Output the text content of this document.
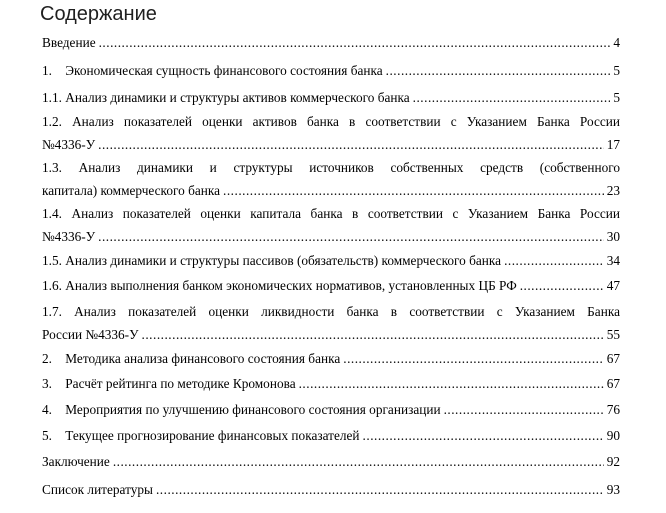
Содержание
Введение .....	4
1.    Экономическая сущность финансового состояния банка .....	5
1.1. Анализ динамики и структуры активов коммерческого банка .....	5
1.2. Анализ показателей оценки активов банка в соответствии с Указанием Банка России
№4336-У .....	17
1.3. Анализ динамики и структуры источников собственных средств (собственного
капитала) коммерческого банка .....	23
1.4. Анализ показателей оценки капитала банка в соответствии с Указанием Банка России
№4336-У .....	30
1.5. Анализ динамики и структуры пассивов (обязательств) коммерческого банка .....	34
1.6. Анализ выполнения банком экономических нормативов, установленных ЦБ РФ .....	47
1.7. Анализ показателей оценки ликвидности банка в соответствии с Указанием Банка
России №4336-У .....	55
2.    Методика анализа финансового состояния банка .....	67
3.    Расчёт рейтинга по методике Кромонова .....	67
4.    Мероприятия по улучшению финансового состояния организации .....	76
5.    Текущее прогнозирование финансовых показателей .....	90
Заключение .....	92
Список литературы .....	93
